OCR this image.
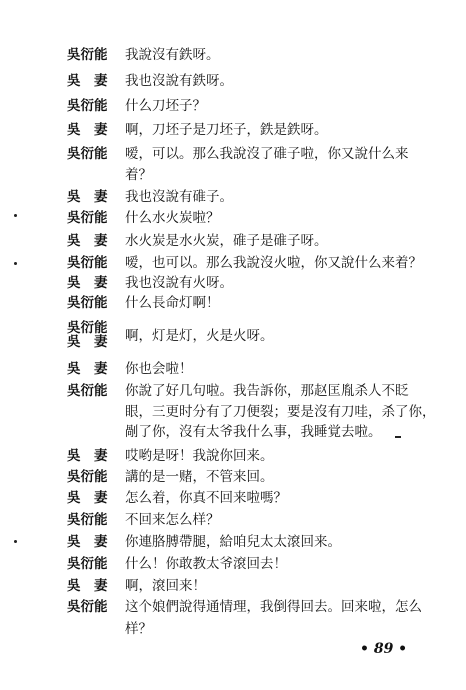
吳衍能 我說沒有鉄呀。
吳　妻 我也沒說有鉄呀。
吳衍能 什么刀坯子？
吳　妻 啊，刀坯子是刀坯子，鉄是鉄呀。
吳衍能 嗳，可以。那么我說沒了碓子啦，你又說什么来
着？
吳　妻 我也沒說有碓子。
吳衍能 什么水火炭啦？
吳　妻 水火炭是水火炭，碓子是碓子呀。
吳衍能 嗳，也可以。那么我說沒火啦，你又說什么来着？
吳　妻 我也沒說有火呀。
吳衍能 什么長命灯啊！
吳衍能
吳　妻 啊，灯是灯，火是火呀。
吳　妻 你也会啦！
吳衍能 你說了好几句啦。我告訴你，那赵匡胤杀人不眨
眼，三更时分有了刀便裂；要是沒有刀哇，杀了你，
剮了你，沒有太爷我什么事，我睡覚去啦。
吳　妻 哎哟是呀！我說你回来。
吳衍能 講的是一赌，不管来回。
吳　妻 怎么着，你真不回来啦嗎？
吳衍能 不回来怎么样？
吳　妻 你連胳膊帶腿，給咱兒太太滾回来。
吳衍能 什么！你敢教太爷滾回去！
吳　妻 啊，滾回来！
吳衍能 这个娘們說得通情理，我倒得回去。回来啦，怎么
样？
• 89 •
